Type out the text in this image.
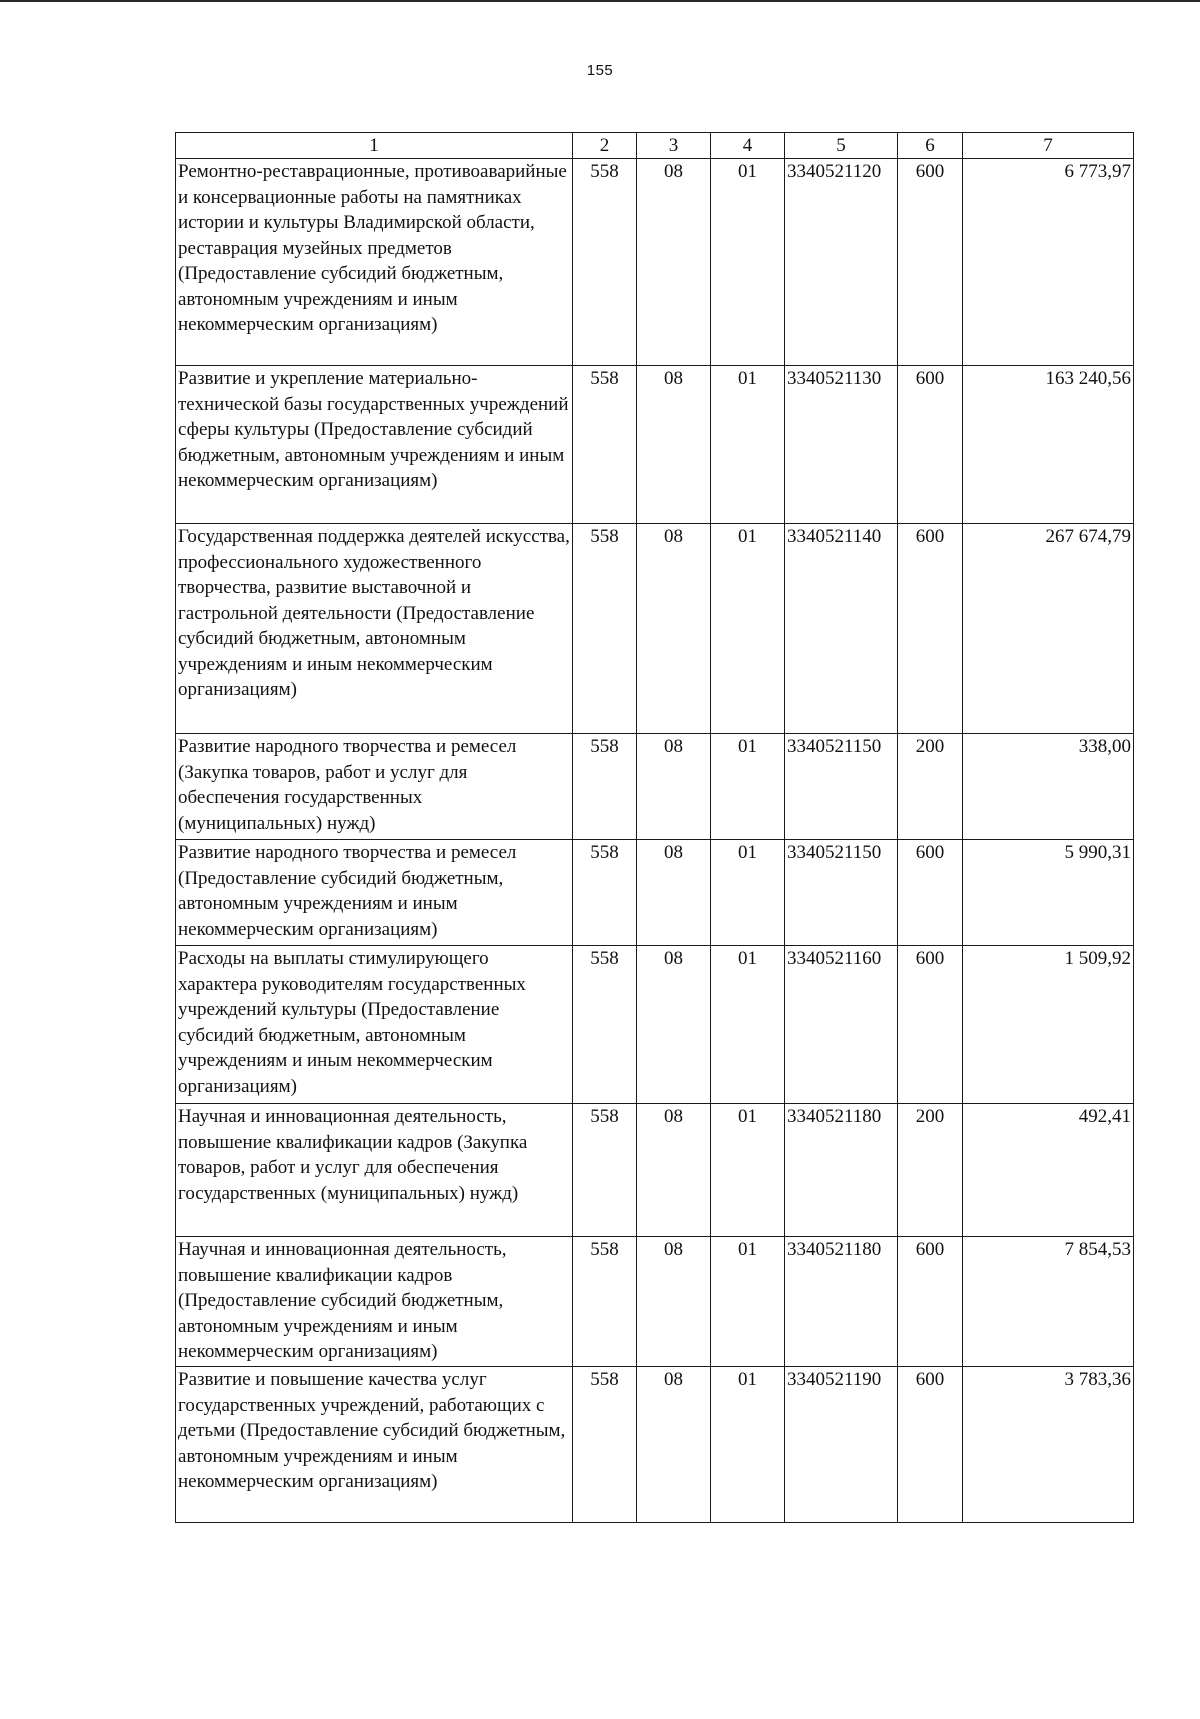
155
1	2	3	4	5	6	7
Ремонтно-реставрационные, противоаварийные и консервационные работы на памятниках истории и культуры Владимирской области, реставрация музейных предметов (Предоставление субсидий бюджетным, автономным учреждениям и иным некоммерческим организациям)	558	08	01	3340521120	600	6 773,97
Развитие и укрепление материально-технической базы государственных учреждений сферы культуры (Предоставление субсидий бюджетным, автономным учреждениям и иным некоммерческим организациям)	558	08	01	3340521130	600	163 240,56
Государственная поддержка деятелей искусства, профессионального художественного творчества, развитие выставочной и гастрольной деятельности (Предоставление субсидий бюджетным, автономным учреждениям и иным некоммерческим организациям)	558	08	01	3340521140	600	267 674,79
Развитие народного творчества и ремесел (Закупка товаров, работ и услуг для обеспечения государственных (муниципальных) нужд)	558	08	01	3340521150	200	338,00
Развитие народного творчества и ремесел (Предоставление субсидий бюджетным, автономным учреждениям и иным некоммерческим организациям)	558	08	01	3340521150	600	5 990,31
Расходы на выплаты стимулирующего характера руководителям государственных учреждений культуры (Предоставление субсидий бюджетным, автономным учреждениям и иным некоммерческим организациям)	558	08	01	3340521160	600	1 509,92
Научная и инновационная деятельность, повышение квалификации кадров (Закупка товаров, работ и услуг для обеспечения государственных (муниципальных) нужд)	558	08	01	3340521180	200	492,41
Научная и инновационная деятельность, повышение квалификации кадров (Предоставление субсидий бюджетным, автономным учреждениям и иным некоммерческим организациям)	558	08	01	3340521180	600	7 854,53
Развитие и повышение качества услуг государственных учреждений, работающих с детьми (Предоставление субсидий бюджетным, автономным учреждениям и иным некоммерческим организациям)	558	08	01	3340521190	600	3 783,36
